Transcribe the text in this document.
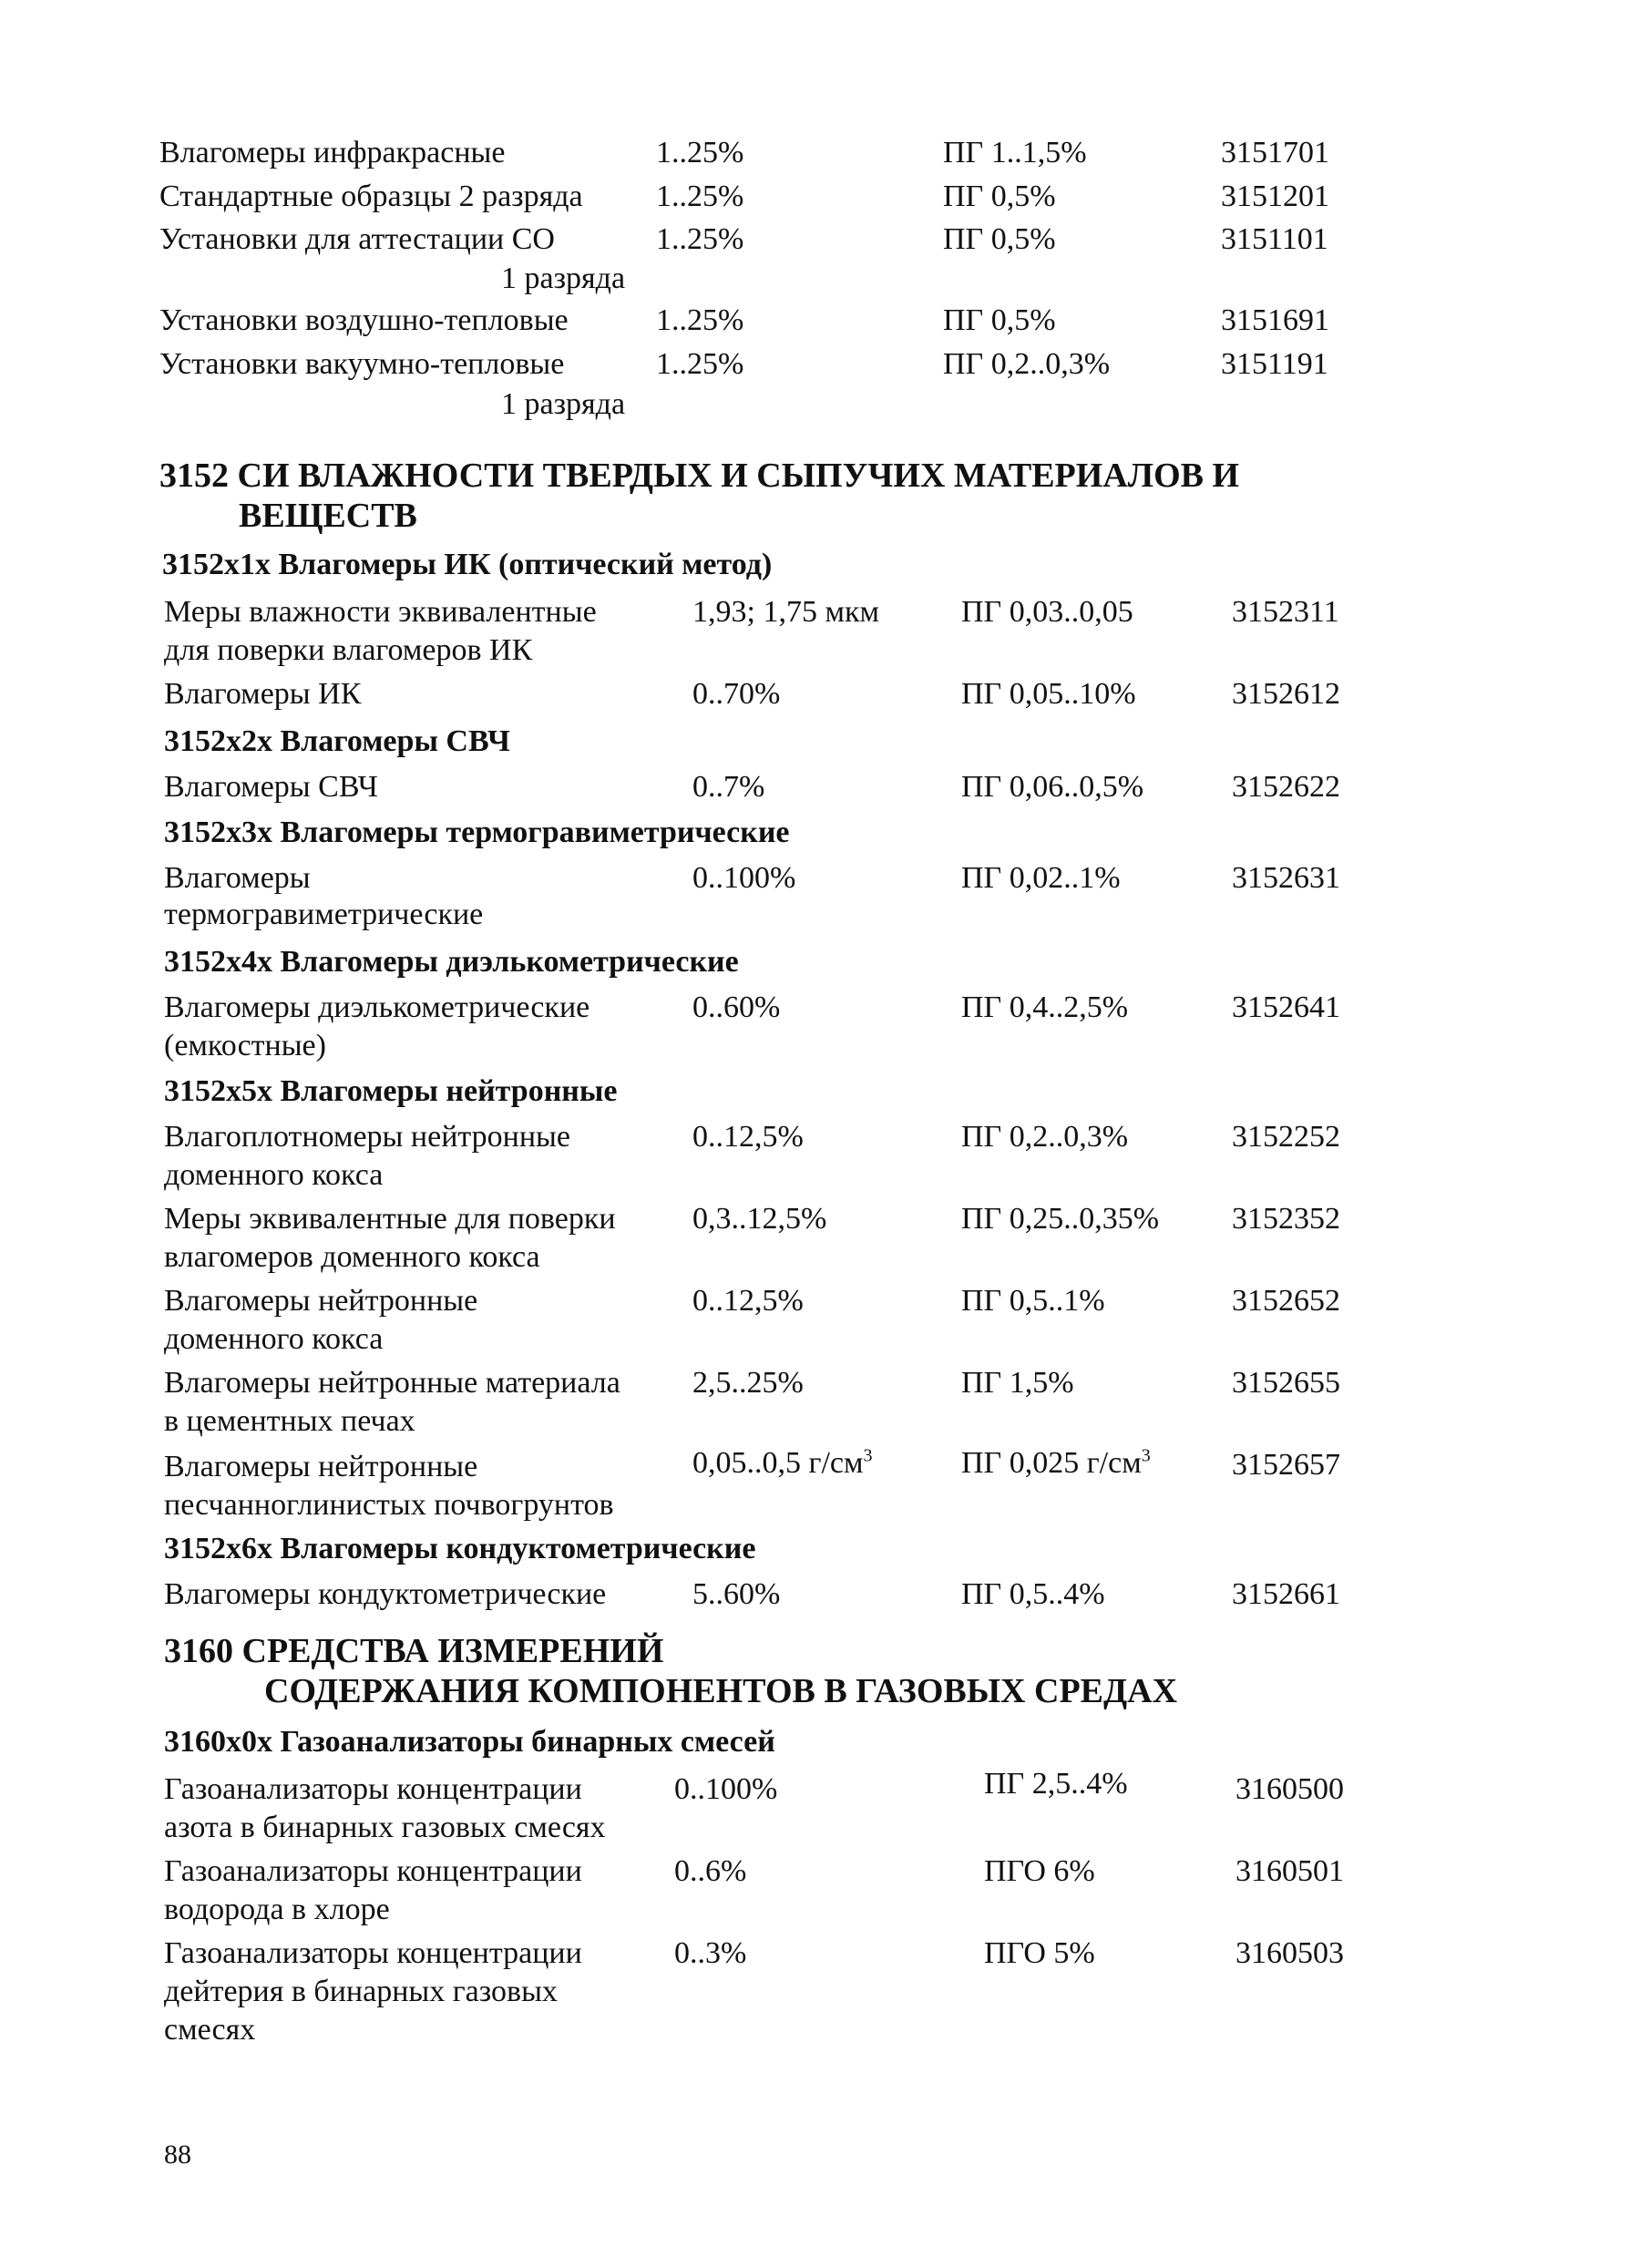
Влагомеры инфракрасные	1..25%	ПГ 1..1,5%	3151701
Стандартные образцы 2 разряда 1..25%	ПГ 0,5%	3151201
Установки для аттестации СО
1 разряда
1..25%	ПГ 0,5%	3151101
Установки воздушно-тепловые	1..25%	ПГ 0,5%	3151691
Установки вакуумно-тепловые
1 разряда
1..25%	ПГ 0,2..0,3%	3151191
3152 СИ ВЛАЖНОСТИ ТВЕРДЫХ И СЫПУЧИХ МАТЕРИАЛОВ И
ВЕЩЕСТВ
3152x1x Влагомеры ИК (оптический метод)
Меры влажности эквивалентные
для поверки влагомеров ИК
1,93; 1,75 мкм	ПГ 0,03..0,05	3152311
Влагомеры ИК	0..70%	ПГ 0,05..10%	3152612
3152x2x Влагомеры СВЧ
Влагомеры СВЧ	0..7%	ПГ 0,06..0,5%	3152622
3152x3x Влагомеры термогравиметрические
Влагомеры
термогравиметрические
0..100%	ПГ 0,02..1%	3152631
3152x4x Влагомеры диэлькометрические
Влагомеры диэлькометрические
(емкостные)
0..60%	ПГ 0,4..2,5%	3152641
3152x5x Влагомеры нейтронные
Влагоплотномеры нейтронные
доменного кокса
0..12,5%	ПГ 0,2..0,3%	3152252
Меры эквивалентные для поверки
влагомеров доменного кокса
0,3..12,5%	ПГ 0,25..0,35% 3152352
Влагомеры нейтронные
доменного кокса
0..12,5%	ПГ 0,5..1%	3152652
Влагомеры нейтронные материала
в цементных печах
2,5..25%	ПГ 1,5%	3152655
Влагомеры нейтронные
песчанноглинистых почвогрунтов
0,05..0,5 $г/см^3$	ПГ 0,025 $г/см^3$	3152657
3152x6x Влагомеры кондуктометрические
Влагомеры кондуктометрические	5..60%	ПГ 0,5..4%	3152661
3160 СРЕДСТВА ИЗМЕРЕНИЙ
СОДЕРЖАНИЯ КОМПОНЕНТОВ В ГАЗОВЫХ СРЕДАХ
3160x0x Газоанализаторы бинарных смесей
Газоанализаторы концентрации
азота в бинарных газовых смесях
0..100%	ПГ 2,5..4%	3160500
Газоанализаторы концентрации
водорода в хлоре
0..6%	ПГО 6%	3160501
Газоанализаторы концентрации
дейтерия в бинарных газовых
смесях
0..3%	ПГО 5%	3160503
88
